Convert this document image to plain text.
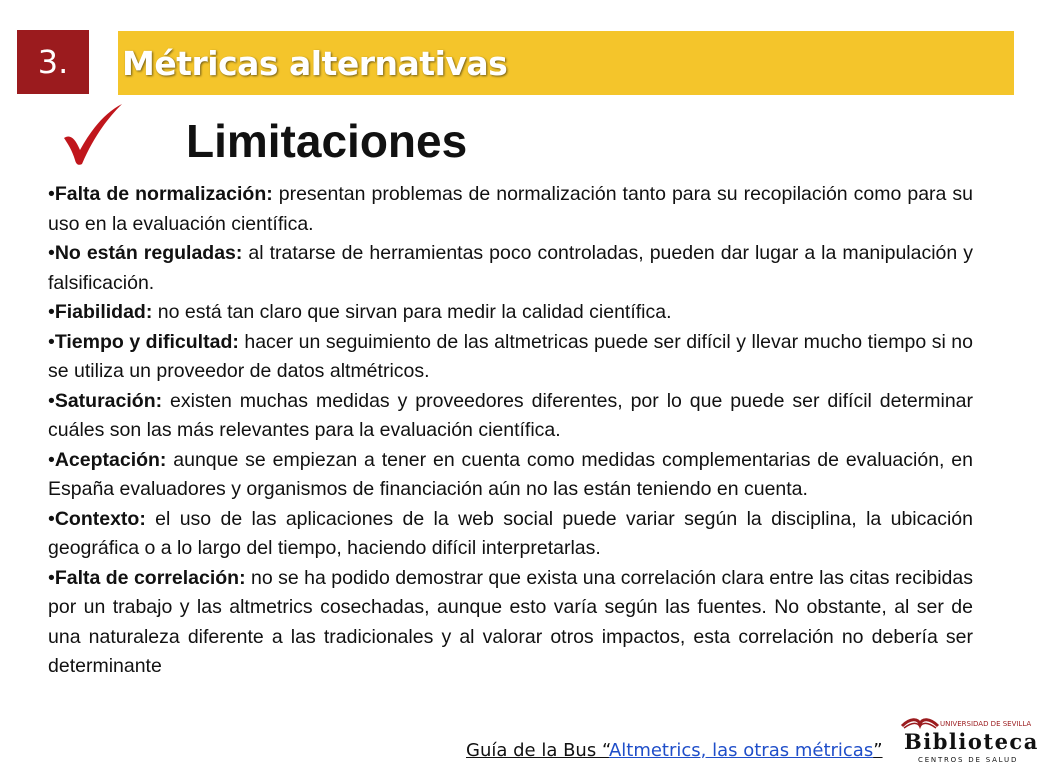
3. Métricas alternativas
Limitaciones

•Falta de normalización: presentan problemas de normalización tanto para su recopilación como para su uso en la evaluación científica.

•No están reguladas: al tratarse de herramientas poco controladas, pueden dar lugar a la manipulación y falsificación.

•Fiabilidad: no está tan claro que sirvan para medir la calidad científica.

•Tiempo y dificultad: hacer un seguimiento de las altmetricas puede ser difícil y llevar mucho tiempo si no se utiliza un proveedor de datos altmétricos.

•Saturación: existen muchas medidas y proveedores diferentes, por lo que puede ser difícil determinar cuáles son las más relevantes para la evaluación científica.

•Aceptación: aunque se empiezan a tener en cuenta como medidas complementarias de evaluación, en España evaluadores y organismos de financiación aún no las están teniendo en cuenta.

•Contexto: el uso de las aplicaciones de la web social puede variar según la disciplina, la ubicación geográfica o a lo largo del tiempo, haciendo difícil interpretarlas.

•Falta de correlación: no se ha podido demostrar que exista una correlación clara entre las citas recibidas por un trabajo y las altmetrics cosechadas, aunque esto varía según las fuentes. No obstante, al ser de una naturaleza diferente a las tradicionales y al valorar otros impactos, esta correlación no debería ser determinante

Guía de la Bus “Altmetrics, las otras métricas”
UNIVERSIDAD DE SEVILLA
Biblioteca
CENTROS DE SALUD
